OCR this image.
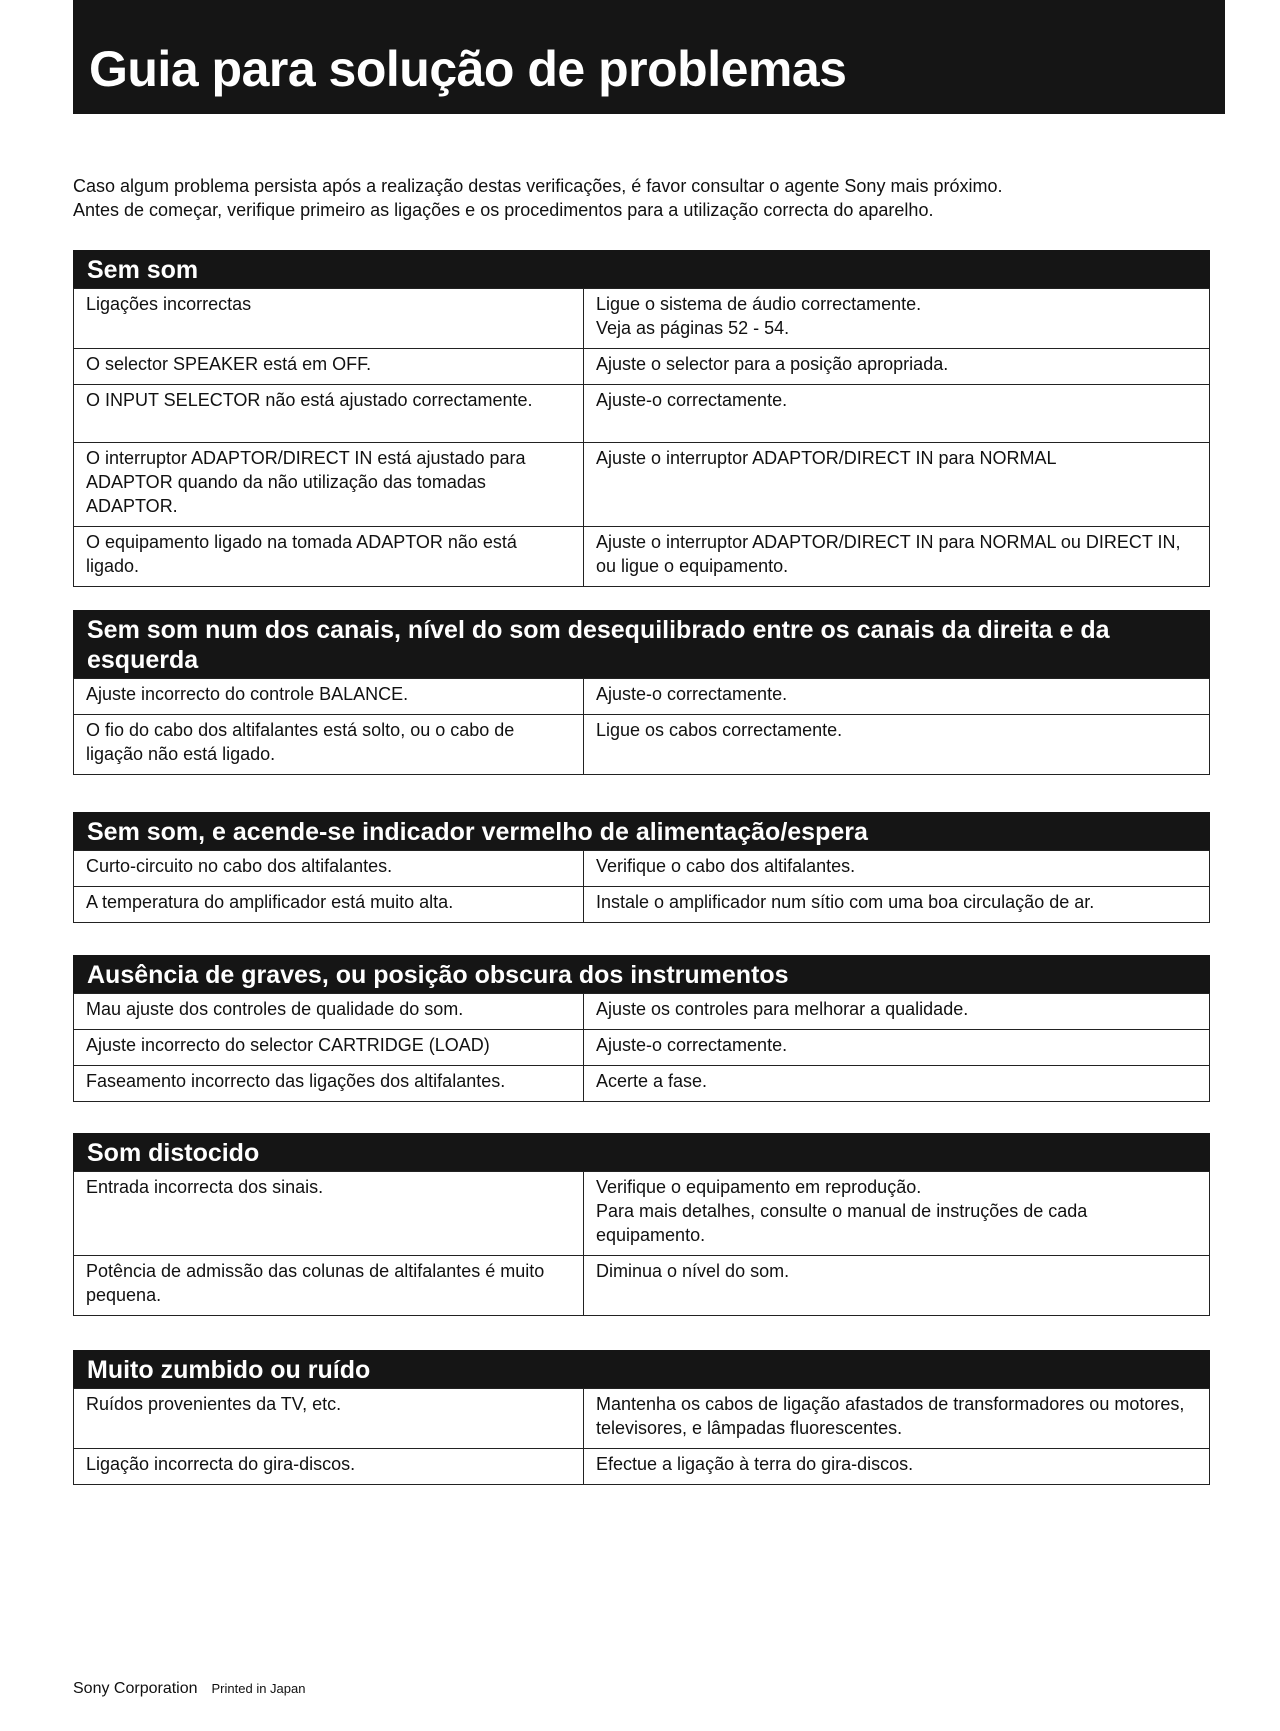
Guia para solução de problemas

Caso algum problema persista após a realização destas verificações, é favor consultar o agente Sony mais próximo.

Antes de começar, verifique primeiro as ligações e os procedimentos para a utilização correcta do aparelho.

Sem som
Ligações incorrectas	Ligue o sistema de áudio correctamente.
Veja as páginas 52 - 54.

O selector SPEAKER está em OFF.	Ajuste o selector para a posição apropriada.
O INPUT SELECTOR não está ajustado correctamente.	Ajuste-o correctamente.
O interruptor ADAPTOR/DIRECT IN está ajustado para ADAPTOR quando da não utilização das tomadas ADAPTOR.	Ajuste o interruptor ADAPTOR/DIRECT IN para NORMAL
O equipamento ligado na tomada ADAPTOR não está ligado.	Ajuste o interruptor ADAPTOR/DIRECT IN para NORMAL ou DIRECT IN, ou ligue o equipamento.
Sem som num dos canais, nível do som desequilibrado entre os canais da direita e da esquerda
Ajuste incorrecto do controle BALANCE.	Ajuste-o correctamente.
O fio do cabo dos altifalantes está solto, ou o cabo de ligação não está ligado.	Ligue os cabos correctamente.
Sem som, e acende-se indicador vermelho de alimentação/espera
Curto-circuito no cabo dos altifalantes.	Verifique o cabo dos altifalantes.
A temperatura do amplificador está muito alta.	Instale o amplificador num sítio com uma boa circulação de ar.
Ausência de graves, ou posição obscura dos instrumentos
Mau ajuste dos controles de qualidade do som.	Ajuste os controles para melhorar a qualidade.
Ajuste incorrecto do selector CARTRIDGE (LOAD)	Ajuste-o correctamente.
Faseamento incorrecto das ligações dos altifalantes.	Acerte a fase.
Som distocido
Entrada incorrecta dos sinais.	Verifique o equipamento em reprodução.
Para mais detalhes, consulte o manual de instruções de cada equipamento.

Potência de admissão das colunas de altifalantes é muito pequena.	Diminua o nível do som.
Muito zumbido ou ruído
Ruídos provenientes da TV, etc.	Mantenha os cabos de ligação afastados de transformadores ou motores, televisores, e lâmpadas fluorescentes.
Ligação incorrecta do gira-discos.	Efectue a ligação à terra do gira-discos.
Sony Corporation Printed in Japan
